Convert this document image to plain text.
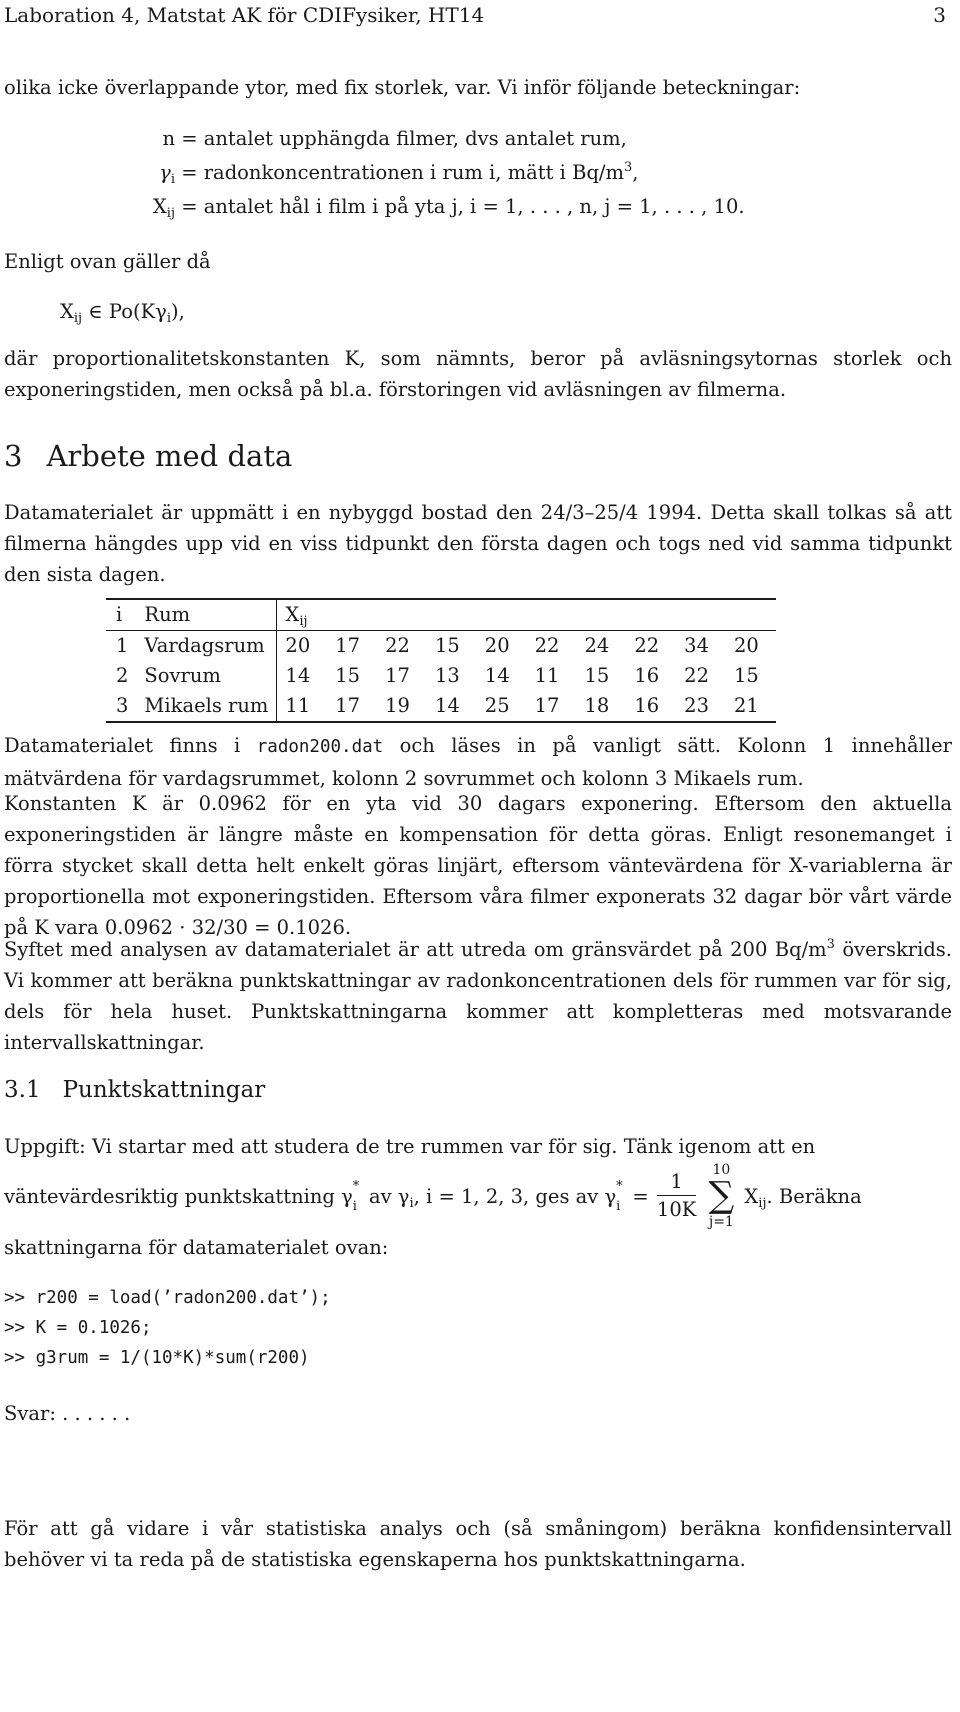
Laboration 4, Matstat AK för CDIFysiker, HT14	3
olika icke överlappande ytor, med fix storlek, var. Vi inför följande beteckningar:
n = antalet upphängda filmer, dvs antalet rum,
$\gamma_i$ = radonkoncentrationen i rum i, mätt i $Bq/m^3$,
$X_{ij}$ = antalet hål i film i på yta j, i = 1, . . . , n, j = 1, . . . , 10.
Enligt ovan gäller då
$X_{ij}$ ∈ $Po(K\gamma_i)$,
där proportionalitetskonstanten K, som nämnts, beror på avläsningsytornas storlek och exponeringstiden, men också på bl.a. förstoringen vid avläsningen av filmerna.
3 Arbete med data
Datamaterialet är uppmätt i en nybyggd bostad den 24/3–25/4 1994. Detta skall tolkas så att filmerna hängdes upp vid en viss tidpunkt den första dagen och togs ned vid samma tidpunkt den sista dagen.
i	Rum	$X_{ij}$
1	Vardagsrum	20	17	22	15	20	22	24	22	34	20
2	Sovrum	14	15	17	13	14	11	15	16	22	15
3	Mikaels rum	11	17	19	14	25	17	18	16	23	21
Datamaterialet finns i radon200.dat och läses in på vanligt sätt. Kolonn 1 innehåller mätvärdena för vardagsrummet, kolonn 2 sovrummet och kolonn 3 Mikaels rum.
Konstanten K är 0.0962 för en yta vid 30 dagars exponering. Eftersom den aktuella exponeringstiden är längre måste en kompensation för detta göras. Enligt resonemanget i förra stycket skall detta helt enkelt göras linjärt, eftersom väntevärdena för X-variablerna är proportionella mot exponeringstiden. Eftersom våra filmer exponerats 32 dagar bör vårt värde på K vara 0.0962 · 32/30 = 0.1026.
Syftet med analysen av datamaterialet är att utreda om gränsvärdet på 200 $Bq/m^3$ överskrids. Vi kommer att beräkna punktskattningar av radonkoncentrationen dels för rummen var för sig, dels för hela huset. Punktskattningarna kommer att kompletteras med motsvarande intervallskattningar.
3.1 Punktskattningar
Uppgift: Vi startar med att studera de tre rummen var för sig. Tänk igenom att en
väntevärdesriktig punktskattning γ *
i av $\gamma_i$, i = 1, 2, 3, ges av γ *
$i = \frac{1}{10K}$
10
∑
j=1
$X_{ij}$. Beräkna
skattningarna för datamaterialet ovan:
>> r200 = load(’radon200.dat’);
>> K = 0.1026;
>> g3rum = 1/(10*K)*sum(r200)
Svar: . . . . . .
För att gå vidare i vår statistiska analys och (så småningom) beräkna konfidensintervall behöver vi ta reda på de statistiska egenskaperna hos punktskattningarna.
